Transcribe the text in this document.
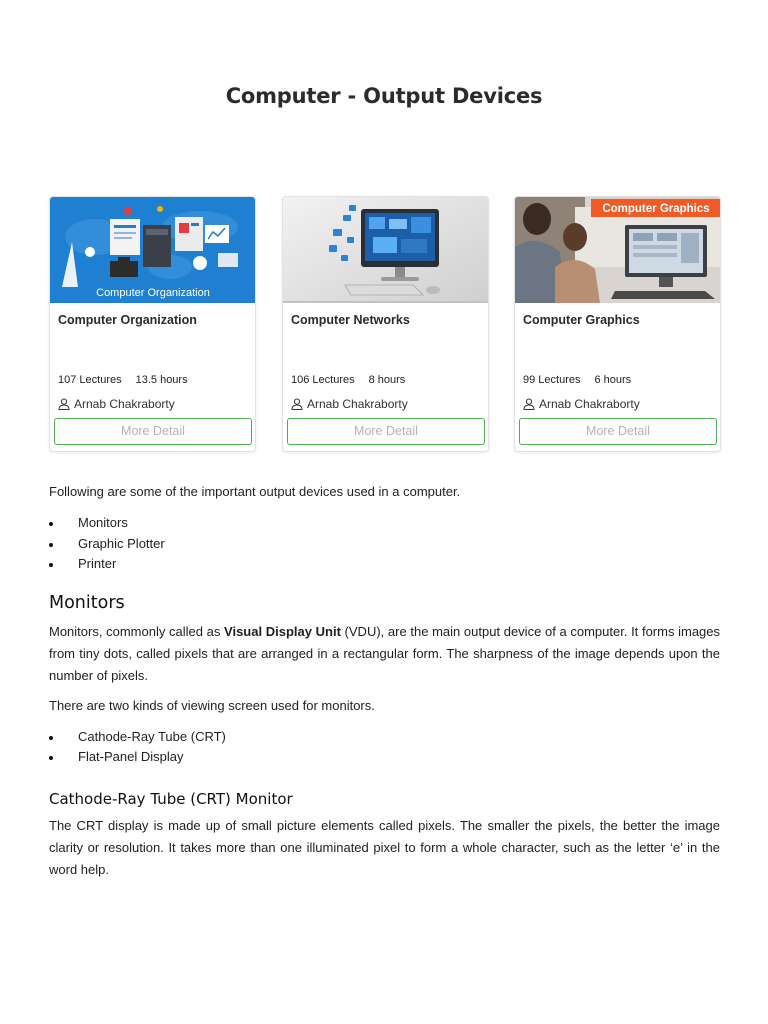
Computer - Output Devices
Computer Organization
Computer Organization
107 Lectures 13.5 hours
Arnab Chakraborty
More Detail
Computer Networks
106 Lectures 8 hours
Arnab Chakraborty
More Detail
Computer Graphics
Computer Graphics
99 Lectures 6 hours
Arnab Chakraborty
More Detail

Following are some of the important output devices used in a computer.

Monitors
Graphic Plotter
Printer
Monitors

Monitors, commonly called as Visual Display Unit (VDU), are the main output device of a computer. It forms images from tiny dots, called pixels that are arranged in a rectangular form. The sharpness of the image depends upon the number of pixels.

There are two kinds of viewing screen used for monitors.

Cathode-Ray Tube (CRT)
Flat-Panel Display
Cathode-Ray Tube (CRT) Monitor

The CRT display is made up of small picture elements called pixels. The smaller the pixels, the better the image clarity or resolution. It takes more than one illuminated pixel to form a whole character, such as the letter ‘e’ in the word help.
